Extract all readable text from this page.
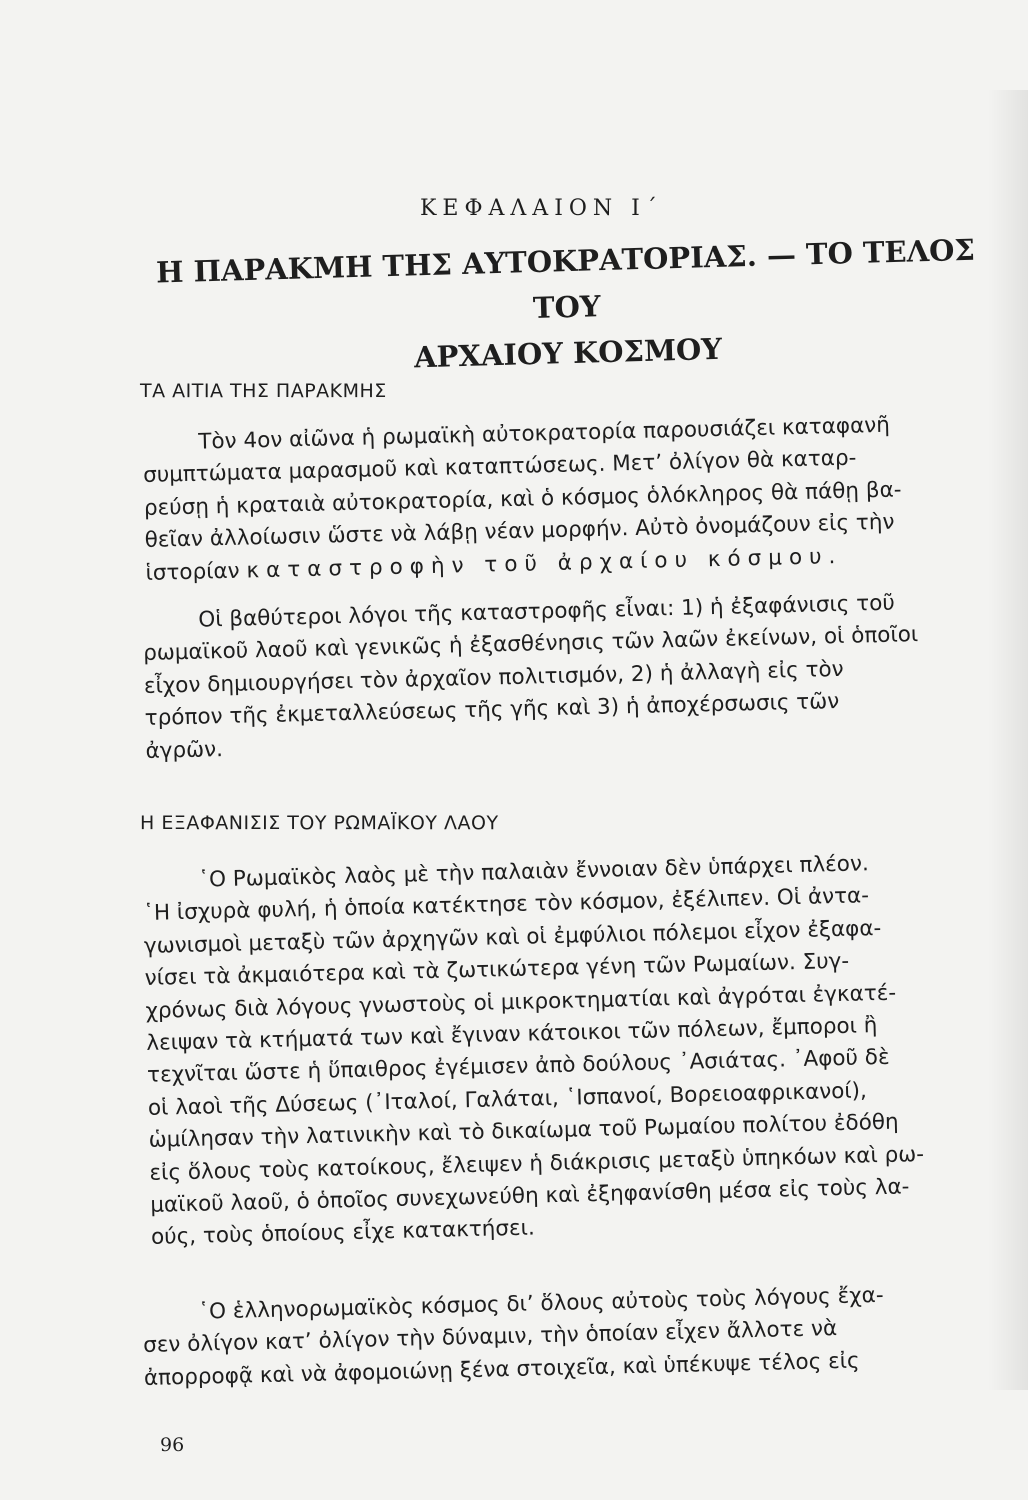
ΚΕΦΑΛΑΙΟΝ Ι΄
Η ΠΑΡΑΚΜΗ ΤΗΣ ΑΥΤΟΚΡΑΤΟΡΙΑΣ. — ΤΟ ΤΕΛΟΣ ΤΟΥ
ΑΡΧΑΙΟΥ ΚΟΣΜΟΥ
ΤΑ ΑΙΤΙΑ ΤΗΣ ΠΑΡΑΚΜΗΣ
Τὸν 4ον αἰῶνα ἡ ρωμαϊκὴ αὐτοκρατορία παρουσιάζει καταφανῆ
συμπτώματα μαρασμοῦ καὶ καταπτώσεως. Μετ’ ὀλίγον θὰ καταρ-
ρεύσῃ ἡ κραταιὰ αὐτοκρατορία, καὶ ὁ κόσμος ὁλόκληρος θὰ πάθῃ βα-
θεῖαν ἀλλοίωσιν ὥστε νὰ λάβῃ νέαν μορφήν. Αὐτὸ ὀνομάζουν εἰς τὴν
ἱστορίαν καταστροφὴν τοῦ ἀρχαίου κόσμου.
Οἱ βαθύτεροι λόγοι τῆς καταστροφῆς εἶναι: 1) ἡ ἐξαφάνισις τοῦ
ρωμαϊκοῦ λαοῦ καὶ γενικῶς ἡ ἐξασθένησις τῶν λαῶν ἐκείνων, οἱ ὁποῖοι
εἶχον δημιουργήσει τὸν ἀρχαῖον πολιτισμόν, 2) ἡ ἀλλαγὴ εἰς τὸν
τρόπον τῆς ἐκμεταλλεύσεως τῆς γῆς καὶ 3) ἡ ἀποχέρσωσις τῶν
ἀγρῶν.
Η ΕΞΑΦΑΝΙΣΙΣ ΤΟΥ ΡΩΜΑΪΚΟΥ ΛΑΟΥ
῾Ο Ρωμαϊκὸς λαὸς μὲ τὴν παλαιὰν ἔννοιαν δὲν ὑπάρχει πλέον.
῾Η ἰσχυρὰ φυλή, ἡ ὁποία κατέκτησε τὸν κόσμον, ἐξέλιπεν. Οἱ ἀντα-
γωνισμοὶ μεταξὺ τῶν ἀρχηγῶν καὶ οἱ ἐμφύλιοι πόλεμοι εἶχον ἐξαφα-
νίσει τὰ ἀκμαιότερα καὶ τὰ ζωτικώτερα γένη τῶν Ρωμαίων. Συγ-
χρόνως διὰ λόγους γνωστοὺς οἱ μικροκτηματίαι καὶ ἀγρόται ἐγκατέ-
λειψαν τὰ κτήματά των καὶ ἔγιναν κάτοικοι τῶν πόλεων, ἔμποροι ἢ
τεχνῖται ὥστε ἡ ὕπαιθρος ἐγέμισεν ἀπὸ δούλους ᾿Ασιάτας. ᾿Αφοῦ δὲ
οἱ λαοὶ τῆς Δύσεως (᾿Ιταλοί, Γαλάται, ῾Ισπανοί, Βορειοαφρικανοί),
ὡμίλησαν τὴν λατινικὴν καὶ τὸ δικαίωμα τοῦ Ρωμαίου πολίτου ἐδόθη
εἰς ὅλους τοὺς κατοίκους, ἔλειψεν ἡ διάκρισις μεταξὺ ὑπηκόων καὶ ρω-
μαϊκοῦ λαοῦ, ὁ ὁποῖος συνεχωνεύθη καὶ ἐξηφανίσθη μέσα εἰς τοὺς λα-
ούς, τοὺς ὁποίους εἶχε κατακτήσει.
῾Ο ἑλληνορωμαϊκὸς κόσμος δι’ ὅλους αὐτοὺς τοὺς λόγους ἔχα-
σεν ὀλίγον κατ’ ὀλίγον τὴν δύναμιν, τὴν ὁποίαν εἶχεν ἄλλοτε νὰ
ἀπορροφᾷ καὶ νὰ ἀφομοιώνῃ ξένα στοιχεῖα, καὶ ὑπέκυψε τέλος εἰς
96
